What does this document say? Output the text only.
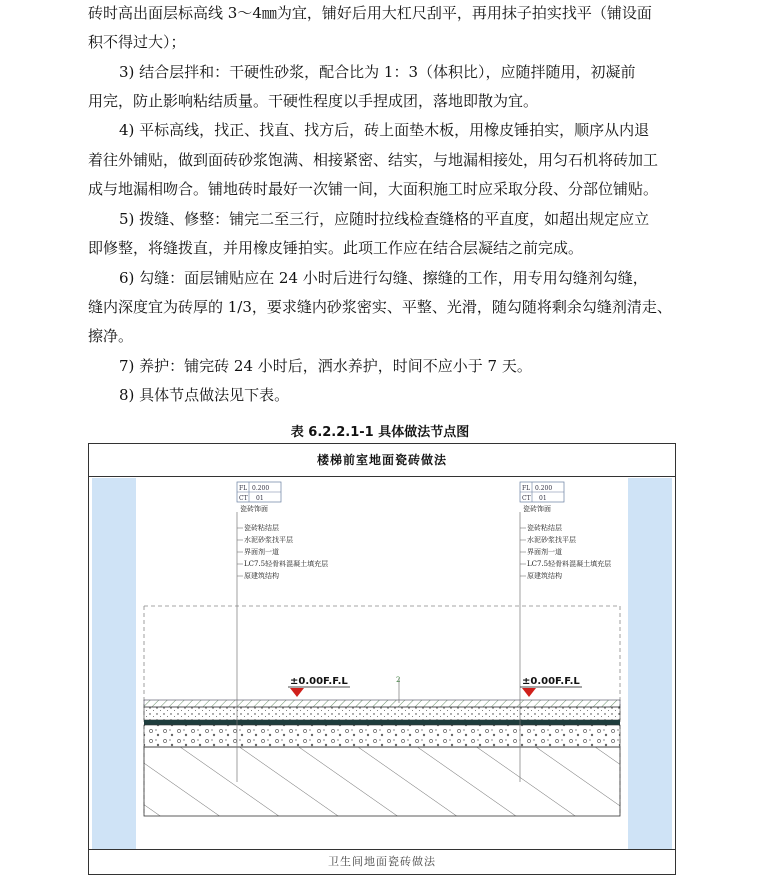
砖时高出面层标高线 3～4㎜为宜，铺好后用大杠尺刮平，再用抹子拍实找平（铺设面

积不得过大）；

3) 结合层拌和：干硬性砂浆，配合比为 1：3（体积比），应随拌随用，初凝前

用完，防止影响粘结质量。干硬性程度以手捏成团，落地即散为宜。

4) 平标高线，找正、找直、找方后，砖上面垫木板，用橡皮锤拍实，顺序从内退

着往外铺贴，做到面砖砂浆饱满、相接紧密、结实，与地漏相接处，用匀石机将砖加工

成与地漏相吻合。铺地砖时最好一次铺一间，大面积施工时应采取分段、分部位铺贴。

5) 拨缝、修整：铺完二至三行，应随时拉线检查缝格的平直度，如超出规定应立

即修整，将缝拨直，并用橡皮锤拍实。此项工作应在结合层凝结之前完成。

6) 勾缝：面层铺贴应在 24 小时后进行勾缝、擦缝的工作，用专用勾缝剂勾缝，

缝内深度宜为砖厚的 1/3，要求缝内砂浆密实、平整、光滑，随勾随将剩余勾缝剂清走、

擦净。

7) 养护：铺完砖 24 小时后，洒水养护，时间不应小于 7 天。

8) 具体节点做法见下表。

表 6.2.2.1-1 具体做法节点图
楼梯前室地面瓷砖做法
FL 0.200
CT 01
瓷砖饰面
瓷砖粘结层
水泥砂浆找平层
界面剂一道
LC7.5轻骨料混凝土填充层
原建筑结构
FL 0.200
CT 01
瓷砖饰面
瓷砖粘结层
水泥砂浆找平层
界面剂一道
LC7.5轻骨料混凝土填充层
原建筑结构
±0.00F.F.L	±0.00F.F.L
2
卫生间地面瓷砖做法
